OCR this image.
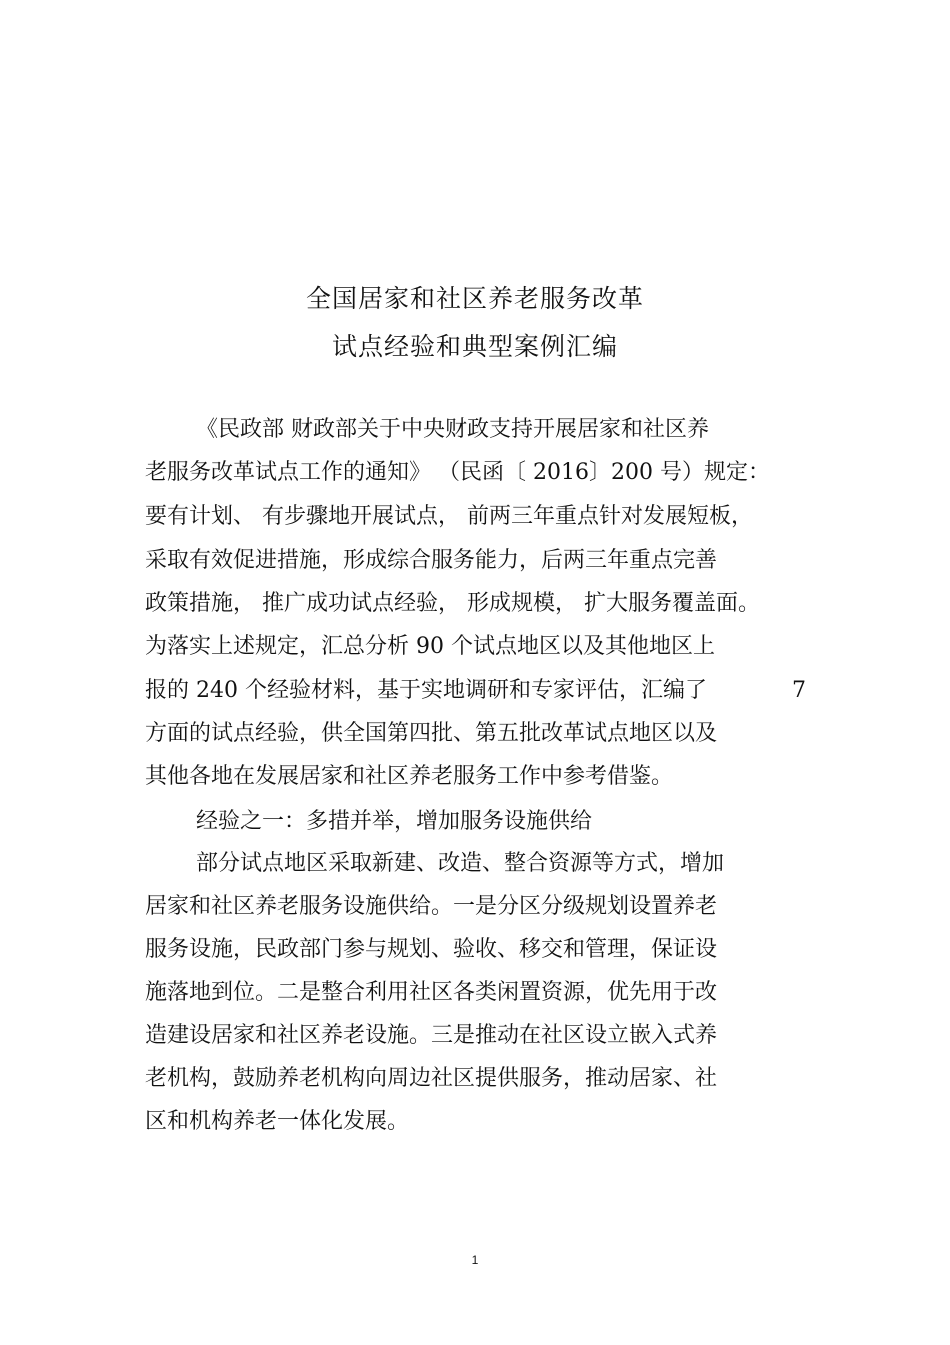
全国居家和社区养老服务改革
试点经验和典型案例汇编
《民政部 财政部关于中央财政支持开展居家和社区养
老服务改革试点工作的通知》 （民函〔 2016〕200 号）规定：
要有计划、 有步骤地开展试点， 前两三年重点针对发展短板，
采取有效促进措施，形成综合服务能力，后两三年重点完善
政策措施， 推广成功试点经验， 形成规模， 扩大服务覆盖面。
为落实上述规定，汇总分析 90 个试点地区以及其他地区上
报的 240 个经验材料，基于实地调研和专家评估，汇编了	7
方面的试点经验，供全国第四批、第五批改革试点地区以及
其他各地在发展居家和社区养老服务工作中参考借鉴。
经验之一：多措并举，增加服务设施供给
部分试点地区采取新建、改造、整合资源等方式，增加
居家和社区养老服务设施供给。一是分区分级规划设置养老
服务设施，民政部门参与规划、验收、移交和管理，保证设
施落地到位。二是整合利用社区各类闲置资源，优先用于改
造建设居家和社区养老设施。三是推动在社区设立嵌入式养
老机构，鼓励养老机构向周边社区提供服务，推动居家、社
区和机构养老一体化发展。
1
